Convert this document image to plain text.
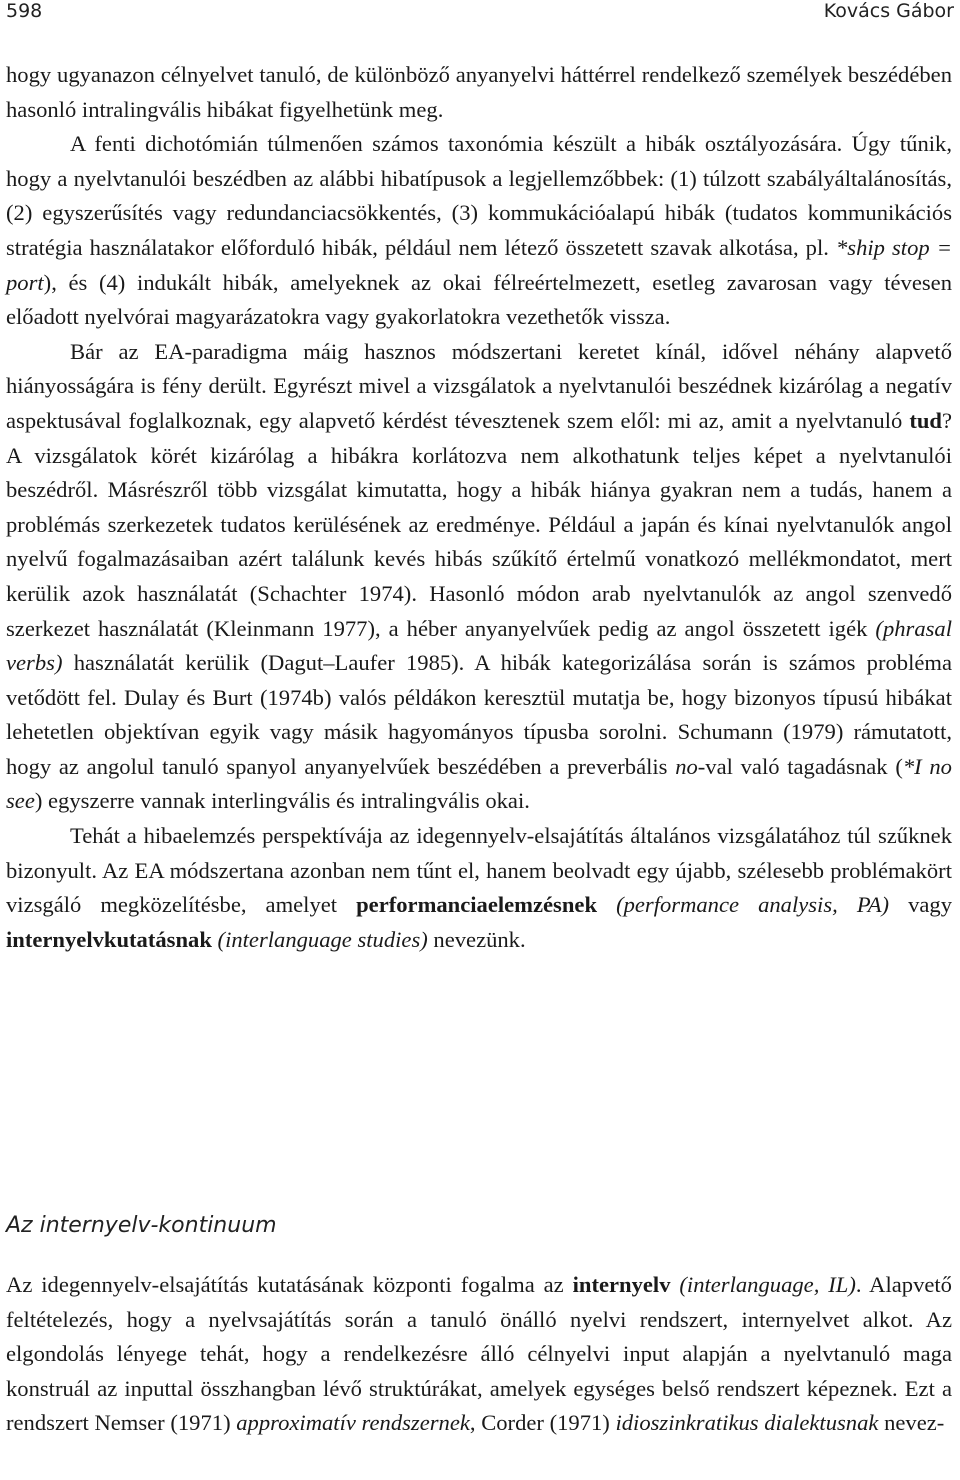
598	Kovács Gábor

hogy ugyanazon célnyelvet tanuló, de különböző anyanyelvi háttérrel rendelkező személyek beszédében hasonló intralingvális hibákat figyelhetünk meg.

A fenti dichotómián túlmenően számos taxonómia készült a hibák osztályozására. Úgy tűnik, hogy a nyelvtanulói beszédben az alábbi hibatípusok a legjellemzőbbek: (1) túlzott szabályáltalánosítás, (2) egyszerűsítés vagy redundanciacsökkentés, (3) kommukációalapú hibák (tudatos kommunikációs stratégia használatakor előforduló hibák, például nem létező összetett szavak alkotása, pl. *ship stop = port), és (4) indukált hibák, amelyeknek az okai félreértelmezett, esetleg zavarosan vagy tévesen előadott nyelvórai magyarázatokra vagy gyakorlatokra vezethetők vissza.

Bár az EA-paradigma máig hasznos módszertani keretet kínál, idővel néhány alapvető hiányosságára is fény derült. Egyrészt mivel a vizsgálatok a nyelvtanulói beszédnek kizárólag a negatív aspektusával foglalkoznak, egy alapvető kérdést tévesztenek szem elől: mi az, amit a nyelvtanuló tud? A vizsgálatok körét kizárólag a hibákra korlátozva nem alkothatunk teljes képet a nyelvtanulói beszédről. Másrészről több vizsgálat kimutatta, hogy a hibák hiánya gyakran nem a tudás, hanem a problémás szerkezetek tudatos kerülésének az eredménye. Például a japán és kínai nyelvtanulók angol nyelvű fogalmazásaiban azért találunk kevés hibás szűkítő értelmű vonatkozó mellékmondatot, mert kerülik azok használatát (Schachter 1974). Hasonló módon arab nyelvtanulók az angol szenvedő szerkezet használatát (Kleinmann 1977), a héber anyanyelvűek pedig az angol összetett igék (phrasal verbs) használatát kerülik (Dagut–Laufer 1985). A hibák kategorizálása során is számos probléma vetődött fel. Dulay és Burt (1974b) valós példákon keresztül mutatja be, hogy bizonyos típusú hibákat lehetetlen objektívan egyik vagy másik hagyományos típusba sorolni. Schumann (1979) rámutatott, hogy az angolul tanuló spanyol anyanyelvűek beszédében a preverbális no-val való tagadásnak (*I no see) egyszerre vannak interlingvális és intralingvális okai.

Tehát a hibaelemzés perspektívája az idegennyelv-elsajátítás általános vizsgálatához túl szűknek bizonyult. Az EA módszertana azonban nem tűnt el, hanem beolvadt egy újabb, szélesebb problémakört vizsgáló megközelítésbe, amelyet performanciaelemzésnek (performance analysis, PA) vagy internyelvkutatásnak (interlanguage studies) nevezünk.

Az internyelv-kontinuum

Az idegennyelv-elsajátítás kutatásának központi fogalma az internyelv (interlanguage, IL). Alapvető feltételezés, hogy a nyelvsajátítás során a tanuló önálló nyelvi rendszert, internyelvet alkot. Az elgondolás lényege tehát, hogy a rendelkezésre álló célnyelvi input alapján a nyelvtanuló maga konstruál az inputtal összhangban lévő struktúrákat, amelyek egységes belső rendszert képeznek. Ezt a rendszert Nemser (1971) approximatív rendszernek, Corder (1971) idioszinkratikus dialektusnak nevez-
